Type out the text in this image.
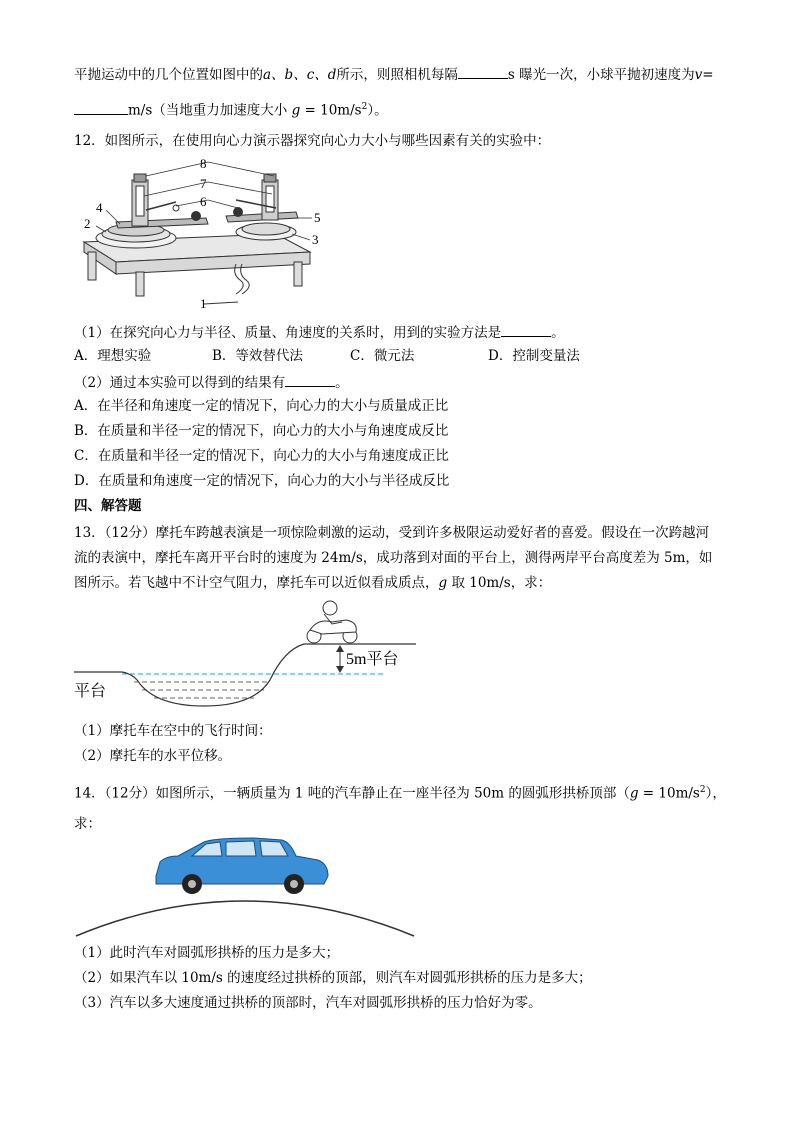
平抛运动中的几个位置如图中的a、b、c、d所示，则照相机每隔	s 曝光一次，小球平抛初速度为v=
m/s（当地重力加速度大小 $g = 10m/s^2$）。
12．如图所示，在使用向心力演示器探究向心力大小与哪些因素有关的实验中：
1
8
7
6
4
2	5
3
（1）在探究向心力与半径、质量、角速度的关系时，用到的实验方法是	。
A．理想实验	B．等效替代法	C．微元法	D．控制变量法
（2）通过本实验可以得到的结果有	。
A．在半径和角速度一定的情况下，向心力的大小与质量成正比
B．在质量和半径一定的情况下，向心力的大小与角速度成反比
C．在质量和半径一定的情况下，向心力的大小与角速度成正比
D．在质量和角速度一定的情况下，向心力的大小与半径成反比
四、解答题
13．（12分）摩托车跨越表演是一项惊险刺激的运动，受到许多极限运动爱好者的喜爱。假设在一次跨越河
流的表演中，摩托车离开平台时的速度为 24m/s，成功落到对面的平台上，测得两岸平台高度差为 5m，如
图所示。若飞越中不计空气阻力，摩托车可以近似看成质点，g 取 10m/s，求：
5m平台
平台
（1）摩托车在空中的飞行时间：
（2）摩托车的水平位移。
14．（12分）如图所示，一辆质量为 1 吨的汽车静止在一座半径为 50m 的圆弧形拱桥顶部$(g = 10m/s^2)$，
求：
（1）此时汽车对圆弧形拱桥的压力是多大；
（2）如果汽车以 10m/s 的速度经过拱桥的顶部，则汽车对圆弧形拱桥的压力是多大；
（3）汽车以多大速度通过拱桥的顶部时，汽车对圆弧形拱桥的压力恰好为零。
